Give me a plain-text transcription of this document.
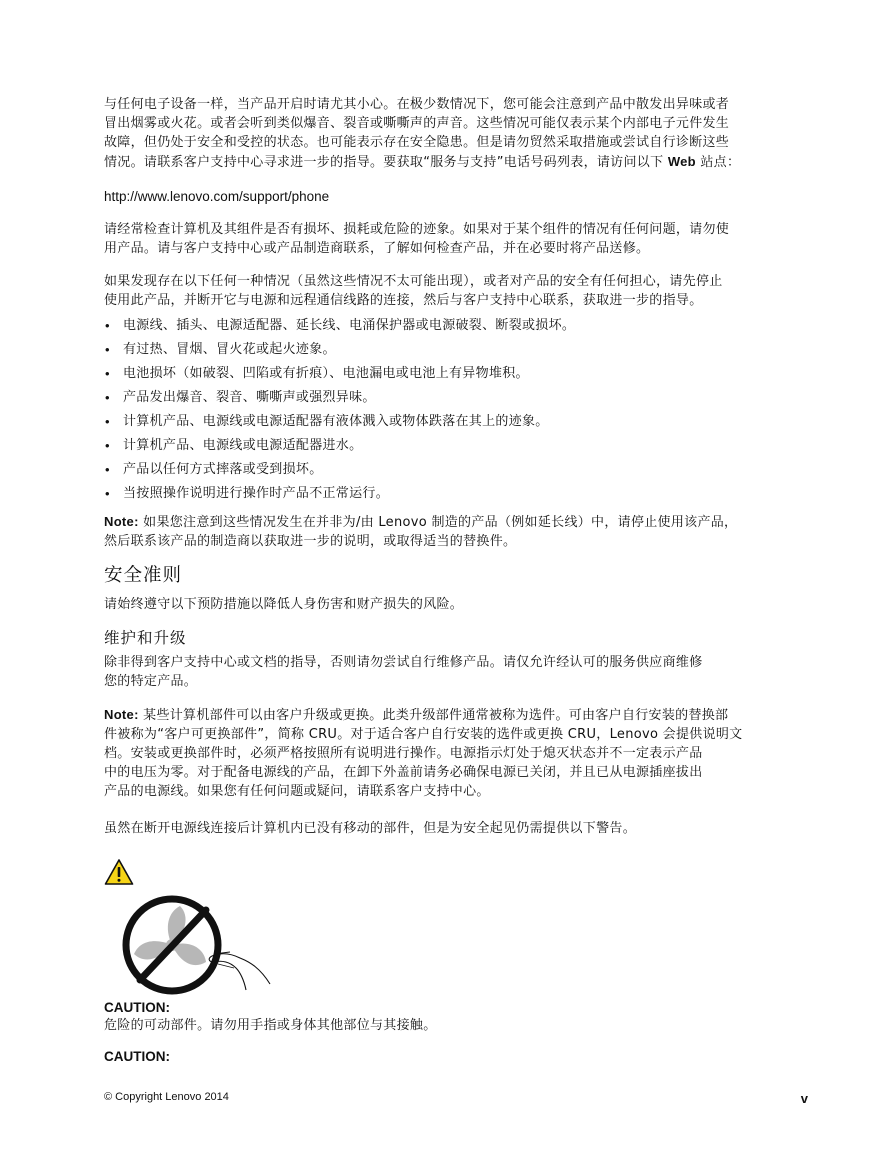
与任何电子设备一样，当产品开启时请尤其小心。在极少数情况下，您可能会注意到产品中散发出异味或者
冒出烟雾或火花。或者会听到类似爆音、裂音或嘶嘶声的声音。这些情况可能仅表示某个内部电子元件发生
故障，但仍处于安全和受控的状态。也可能表示存在安全隐患。但是请勿贸然采取措施或尝试自行诊断这些
情况。请联系客户支持中心寻求进一步的指导。要获取“服务与支持”电话号码列表，请访问以下 Web 站点：
http://www.lenovo.com/support/phone
请经常检查计算机及其组件是否有损坏、损耗或危险的迹象。如果对于某个组件的情况有任何问题，请勿使
用产品。请与客户支持中心或产品制造商联系，了解如何检查产品，并在必要时将产品送修。
如果发现存在以下任何一种情况（虽然这些情况不太可能出现），或者对产品的安全有任何担心，请先停止
使用此产品，并断开它与电源和远程通信线路的连接，然后与客户支持中心联系，获取进一步的指导。
• 电源线、插头、电源适配器、延长线、电涌保护器或电源破裂、断裂或损坏。
• 有过热、冒烟、冒火花或起火迹象。
• 电池损坏（如破裂、凹陷或有折痕）、电池漏电或电池上有异物堆积。
• 产品发出爆音、裂音、嘶嘶声或强烈异味。
• 计算机产品、电源线或电源适配器有液体溅入或物体跌落在其上的迹象。
• 计算机产品、电源线或电源适配器进水。
• 产品以任何方式摔落或受到损坏。
• 当按照操作说明进行操作时产品不正常运行。
Note: 如果您注意到这些情况发生在并非为/由 Lenovo 制造的产品（例如延长线）中，请停止使用该产品，
然后联系该产品的制造商以获取进一步的说明，或取得适当的替换件。
安全准则
请始终遵守以下预防措施以降低人身伤害和财产损失的风险。
维护和升级
除非得到客户支持中心或文档的指导，否则请勿尝试自行维修产品。请仅允许经认可的服务供应商维修
您的特定产品。
Note: 某些计算机部件可以由客户升级或更换。此类升级部件通常被称为选件。可由客户自行安装的替换部
件被称为“客户可更换部件”，简称 CRU。对于适合客户自行安装的选件或更换 CRU，Lenovo 会提供说明文
档。安装或更换部件时，必须严格按照所有说明进行操作。电源指示灯处于熄灭状态并不一定表示产品
中的电压为零。对于配备电源线的产品，在卸下外盖前请务必确保电源已关闭，并且已从电源插座拔出
产品的电源线。如果您有任何问题或疑问，请联系客户支持中心。
虽然在断开电源线连接后计算机内已没有移动的部件，但是为安全起见仍需提供以下警告。
CAUTION:
危险的可动部件。请勿用手指或身体其他部位与其接触。
CAUTION:
© Copyright Lenovo 2014	v
